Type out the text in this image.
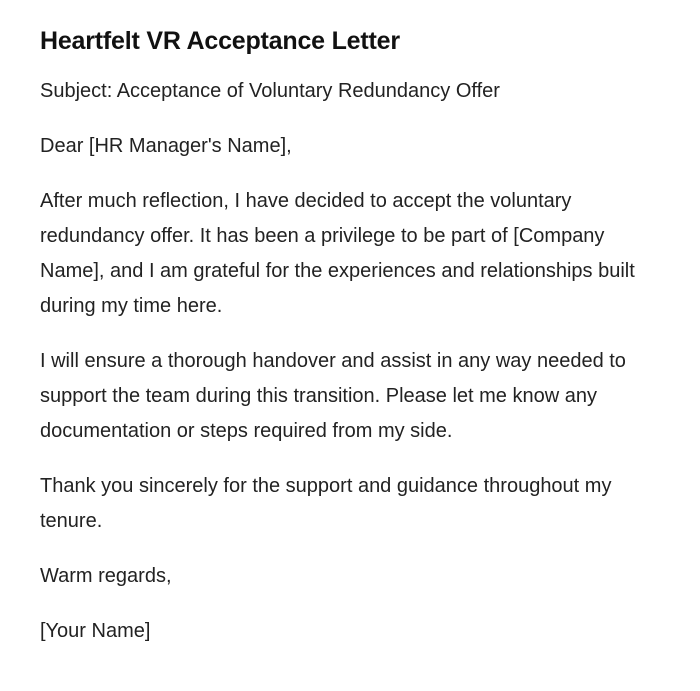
Heartfelt VR Acceptance Letter

Subject: Acceptance of Voluntary Redundancy Offer

Dear [HR Manager's Name],

After much reflection, I have decided to accept the voluntary redundancy offer. It has been a privilege to be part of [Company Name], and I am grateful for the experiences and relationships built during my time here.

I will ensure a thorough handover and assist in any way needed to support the team during this transition. Please let me know any documentation or steps required from my side.

Thank you sincerely for the support and guidance throughout my tenure.

Warm regards,

[Your Name]
